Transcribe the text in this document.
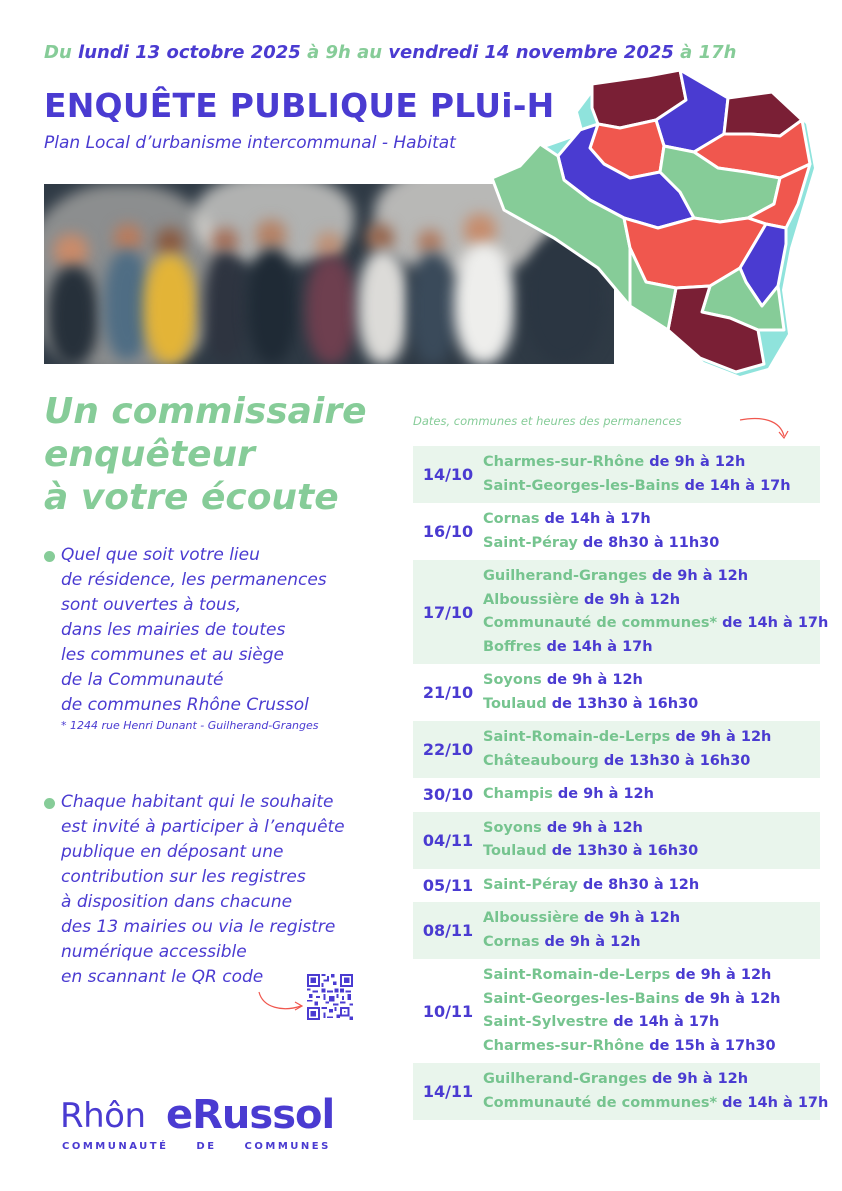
Du lundi 13 octobre 2025 à 9h au vendredi 14 novembre 2025 à 17h
ENQUÊTE PUBLIQUE PLUi-H
Plan Local d’urbanisme intercommunal - Habitat
Un commissaire
enquêteur
à votre écoute
Quel que soit votre lieu
de résidence, les permanences
sont ouvertes à tous,
dans les mairies de toutes
les communes et au siège
de la Communauté
de communes Rhône Crussol
* 1244 rue Henri Dunant - Guilherand-Granges
Chaque habitant qui le souhaite
est invité à participer à l’enquête
publique en déposant une
contribution sur les registres
à disposition dans chacune
des 13 mairies ou via le registre
numérique accessible
en scannant le QR code
Rhôn eRussol
COMMUNAUTÉ DE COMMUNES
Dates, communes et heures des permanences
14/10
Charmes-sur-Rhône de 9h à 12h
Saint-Georges-les-Bains de 14h à 17h
16/10
Cornas de 14h à 17h
Saint-Péray de 8h30 à 11h30
17/10
Guilherand-Granges de 9h à 12h
Alboussière de 9h à 12h
Communauté de communes* de 14h à 17h
Boffres de 14h à 17h
21/10
Soyons de 9h à 12h
Toulaud de 13h30 à 16h30
22/10
Saint-Romain-de-Lerps de 9h à 12h
Châteaubourg de 13h30 à 16h30
30/10 Champis de 9h à 12h
04/11
Soyons de 9h à 12h
Toulaud de 13h30 à 16h30
05/11 Saint-Péray de 8h30 à 12h
08/11
Alboussière de 9h à 12h
Cornas de 9h à 12h
10/11
Saint-Romain-de-Lerps de 9h à 12h
Saint-Georges-les-Bains de 9h à 12h
Saint-Sylvestre de 14h à 17h
Charmes-sur-Rhône de 15h à 17h30
14/11
Guilherand-Granges de 9h à 12h
Communauté de communes* de 14h à 17h
